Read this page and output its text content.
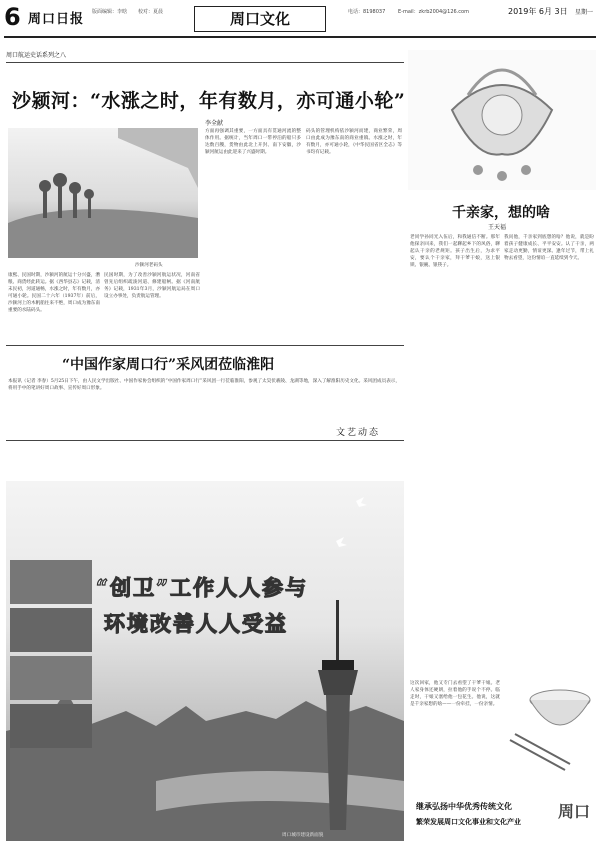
6 周口日报 版面编辑：李晗 校对：夏晨	周口文化	电话：8198037	E-mail：zkrb2004@126.com	2019年 6月 3日 星期一
周口航运史话系列之八
沙颍河：“水涨之时，年有数月，亦可通小轮”
李全献
沙颍河老码头
康熙、民国时期，沙颍河的航运十分兴盛，漕粮、商货经此转运。据《西华县志》记载，清末民初，河道通畅，水涨之时，年有数月，亦可通小轮。民国二十六年（1937年）前后，沙颍河上的木帆船往来不绝，周口成为豫东南重要的水陆码头。
民国时期，为了改善沙颍河航运状况，河南省曾先后组织疏浚河道、修建船闸。据《河南航务》记载，1931年3月，沙颍河航运局在周口设立办事处，负责航运管理。
方面再强调其重要，一方面具有贯通河流的整体作用。据统计，当年周口一带停泊的船只多达数百艘，货物由此北上开封、南下安徽，沙颍河航运由此迎来了兴盛时期。
码头的管理机构依沙颍河而建，商业繁荣，周口由此成为豫东南的商业重镇。水涨之时，年有数月，亦可通小轮，《中华民国省区全志》等书均有记载。
“中国作家周口行”采风团莅临淮阳
本报讯（记者 李春）5月25日下午，由人民文学出版社、中国作家协会组织的“中国作家周口行”采风团一行莅临淮阳，参观了太昊伏羲陵、龙湖等地，深入了解淮阳历史文化。采风团成员表示，将用手中的笔讲好周口故事、宣传好周口形象。
文艺动态
“创卫”工作人人参与
环境改善人人受益
周口城市建设新面貌
千亲家，想的啥
王天福
老同学孙同光入伍后，和我通信不断。那年他探亲回来，我们一起聊起乡下的风俗，聊起认干亲的老规矩。孩子出生后，为求平安，要认个干亲家，拜干爹干娘，送上银锁、银碗、银筷子。
我问他，千亲家到底想的啥？他说，就是盼着孩子健康成长、平平安安。认了干亲，两家走动更勤，情谊更深。逢年过节，带上礼物去看望，这份情谊一直延续到今天。
这次回家，他又专门去看望了干爹干娘。老人家身体还硬朗，拉着他的手说个不停。临走时，干娘又塞给他一包花生。他说，这就是千亲家想的啥——一份牵挂，一份亲情。
继承弘扬中华优秀传统文化
繁荣发展周口文化事业和文化产业
周口
